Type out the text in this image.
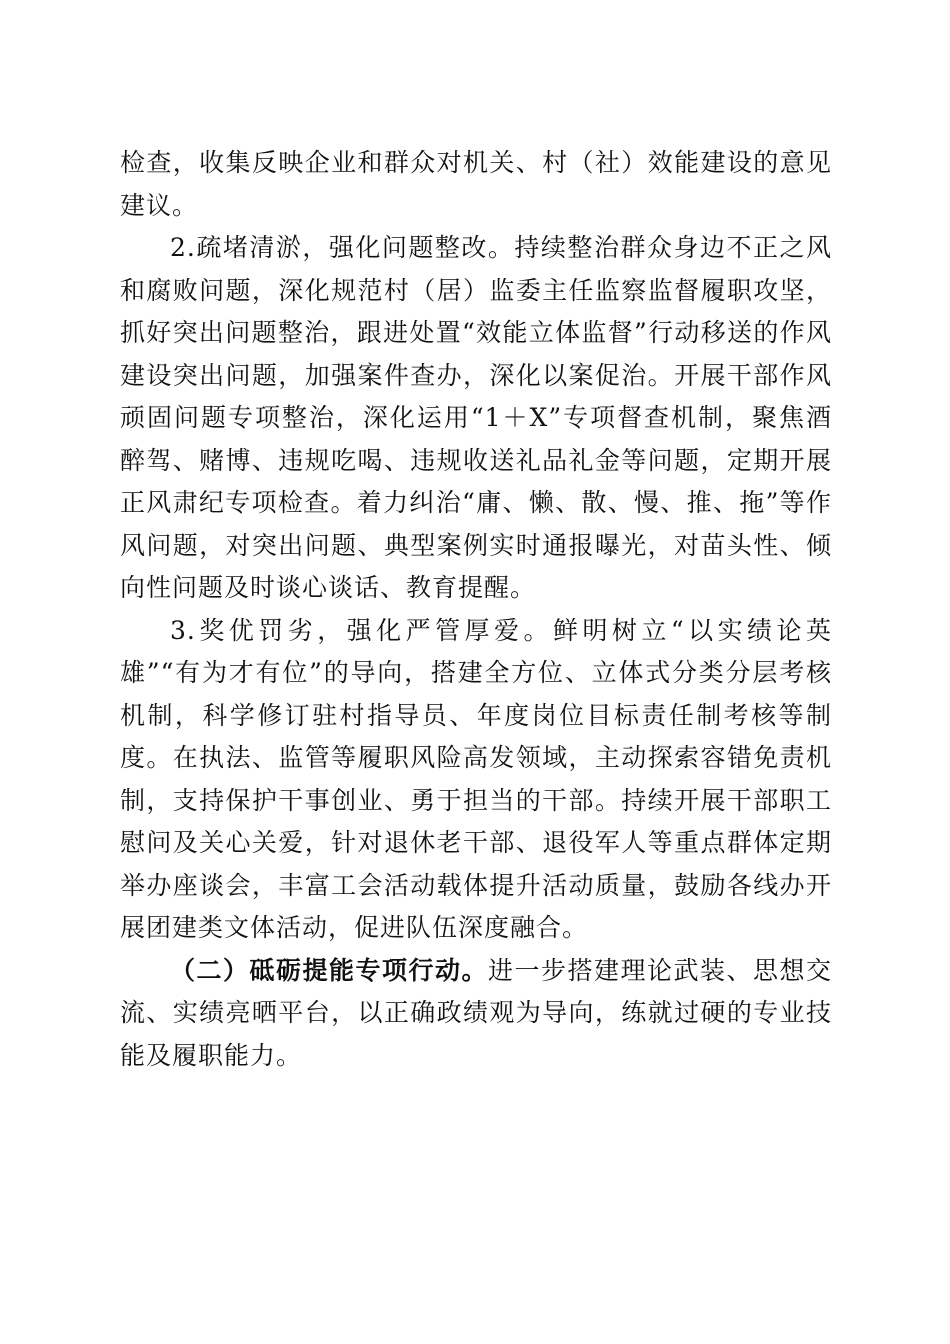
检查，收集反映企业和群众对机关、村（社）效能建设的意见建议。

2.疏堵清淤，强化问题整改。持续整治群众身边不正之风和腐败问题，深化规范村（居）监委主任监察监督履职攻坚，抓好突出问题整治，跟进处置“效能立体监督”行动移送的作风建设突出问题，加强案件查办，深化以案促治。开展干部作风顽固问题专项整治，深化运用“1＋X”专项督查机制，聚焦酒醉驾、赌博、违规吃喝、违规收送礼品礼金等问题，定期开展正风肃纪专项检查。着力纠治“庸、懒、散、慢、推、拖”等作风问题，对突出问题、典型案例实时通报曝光，对苗头性、倾向性问题及时谈心谈话、教育提醒。

3.奖优罚劣，强化严管厚爱。鲜明树立“以实绩论英雄”“有为才有位”的导向，搭建全方位、立体式分类分层考核机制，科学修订驻村指导员、年度岗位目标责任制考核等制度。在执法、监管等履职风险高发领域，主动探索容错免责机制，支持保护干事创业、勇于担当的干部。持续开展干部职工慰问及关心关爱，针对退休老干部、退役军人等重点群体定期举办座谈会，丰富工会活动载体提升活动质量，鼓励各线办开展团建类文体活动，促进队伍深度融合。

（二）砥砺提能专项行动。进一步搭建理论武装、思想交流、实绩亮晒平台，以正确政绩观为导向，练就过硬的专业技能及履职能力。
